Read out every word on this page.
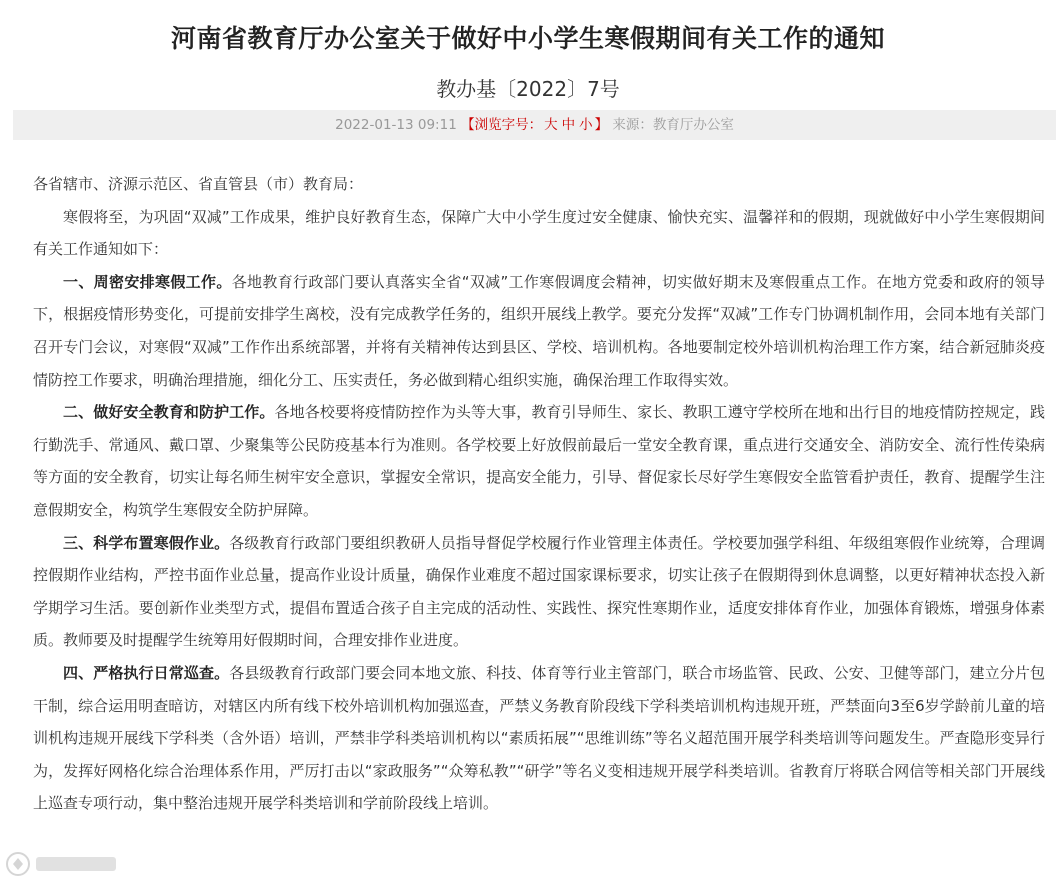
河南省教育厅办公室关于做好中小学生寒假期间有关工作的通知
教办基〔2022〕7号
2022-01-13 09:11 【浏览字号： 大 中 小 】 来源：教育厅办公室

各省辖市、济源示范区、省直管县（市）教育局：

寒假将至，为巩固“双减”工作成果，维护良好教育生态，保障广大中小学生度过安全健康、愉快充实、温馨祥和的假期，现就做好中小学生寒假期间有关工作通知如下：

一、周密安排寒假工作。各地教育行政部门要认真落实全省“双减”工作寒假调度会精神，切实做好期末及寒假重点工作。在地方党委和政府的领导下，根据疫情形势变化，可提前安排学生离校，没有完成教学任务的，组织开展线上教学。要充分发挥“双减”工作专门协调机制作用，会同本地有关部门召开专门会议，对寒假“双减”工作作出系统部署，并将有关精神传达到县区、学校、培训机构。各地要制定校外培训机构治理工作方案，结合新冠肺炎疫情防控工作要求，明确治理措施，细化分工、压实责任，务必做到精心组织实施，确保治理工作取得实效。

二、做好安全教育和防护工作。各地各校要将疫情防控作为头等大事，教育引导师生、家长、教职工遵守学校所在地和出行目的地疫情防控规定，践行勤洗手、常通风、戴口罩、少聚集等公民防疫基本行为准则。各学校要上好放假前最后一堂安全教育课，重点进行交通安全、消防安全、流行性传染病等方面的安全教育，切实让每名师生树牢安全意识，掌握安全常识，提高安全能力，引导、督促家长尽好学生寒假安全监管看护责任，教育、提醒学生注意假期安全，构筑学生寒假安全防护屏障。

三、科学布置寒假作业。各级教育行政部门要组织教研人员指导督促学校履行作业管理主体责任。学校要加强学科组、年级组寒假作业统筹，合理调控假期作业结构，严控书面作业总量，提高作业设计质量，确保作业难度不超过国家课标要求，切实让孩子在假期得到休息调整，以更好精神状态投入新学期学习生活。要创新作业类型方式，提倡布置适合孩子自主完成的活动性、实践性、探究性寒期作业，适度安排体育作业，加强体育锻炼，增强身体素质。教师要及时提醒学生统筹用好假期时间，合理安排作业进度。

四、严格执行日常巡查。各县级教育行政部门要会同本地文旅、科技、体育等行业主管部门，联合市场监管、民政、公安、卫健等部门，建立分片包干制，综合运用明查暗访，对辖区内所有线下校外培训机构加强巡查，严禁义务教育阶段线下学科类培训机构违规开班，严禁面向3至6岁学龄前儿童的培训机构违规开展线下学科类（含外语）培训，严禁非学科类培训机构以“素质拓展”“思维训练”等名义超范围开展学科类培训等问题发生。严查隐形变异行为，发挥好网格化综合治理体系作用，严厉打击以“家政服务”“众筹私教”“研学”等名义变相违规开展学科类培训。省教育厅将联合网信等相关部门开展线上巡查专项行动，集中整治违规开展学科类培训和学前阶段线上培训。
